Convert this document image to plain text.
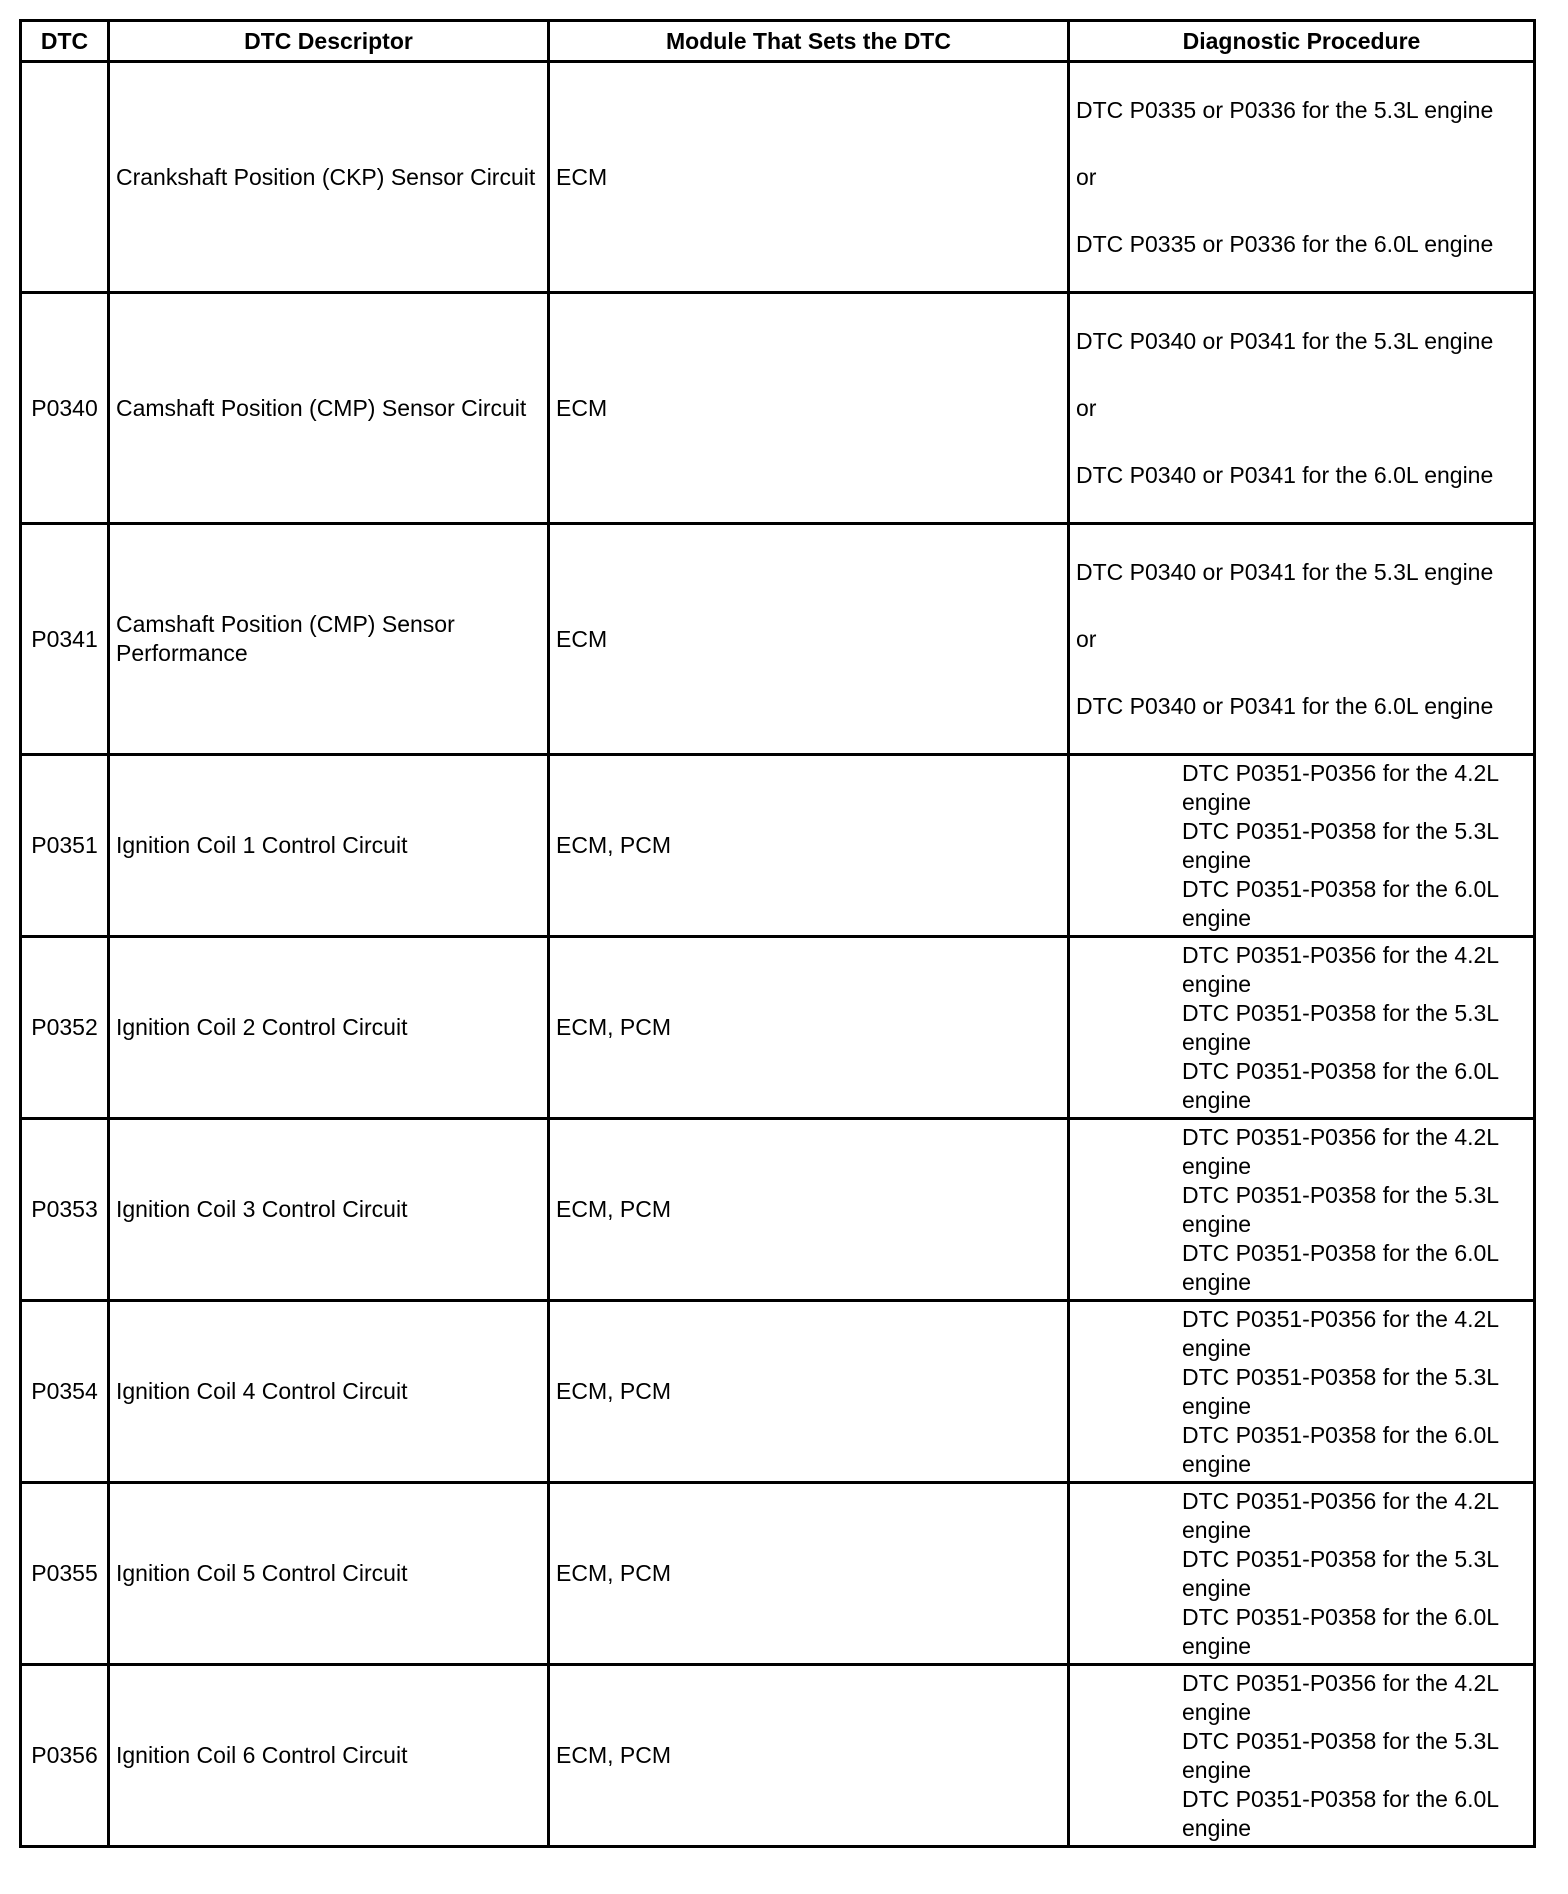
DTC	DTC Descriptor	Module That Sets the DTC	Diagnostic Procedure
	Crankshaft Position (CKP) Sensor Circuit	ECM	DTC P0335 or P0336 for the 5.3L engine
or
DTC P0335 or P0336 for the 6.0L engine

P0340	Camshaft Position (CMP) Sensor Circuit	ECM	DTC P0340 or P0341 for the 5.3L engine
or
DTC P0340 or P0341 for the 6.0L engine

P0341	Camshaft Position (CMP) Sensor Performance	ECM	DTC P0340 or P0341 for the 5.3L engine
or
DTC P0340 or P0341 for the 6.0L engine

P0351	Ignition Coil 1 Control Circuit	ECM, PCM	DTC P0351-P0356 for the 4.2L engine
DTC P0351-P0358 for the 5.3L engine
DTC P0351-P0358 for the 6.0L engine

P0352	Ignition Coil 2 Control Circuit	ECM, PCM	DTC P0351-P0356 for the 4.2L engine
DTC P0351-P0358 for the 5.3L engine
DTC P0351-P0358 for the 6.0L engine

P0353	Ignition Coil 3 Control Circuit	ECM, PCM	DTC P0351-P0356 for the 4.2L engine
DTC P0351-P0358 for the 5.3L engine
DTC P0351-P0358 for the 6.0L engine

P0354	Ignition Coil 4 Control Circuit	ECM, PCM	DTC P0351-P0356 for the 4.2L engine
DTC P0351-P0358 for the 5.3L engine
DTC P0351-P0358 for the 6.0L engine

P0355	Ignition Coil 5 Control Circuit	ECM, PCM	DTC P0351-P0356 for the 4.2L engine
DTC P0351-P0358 for the 5.3L engine
DTC P0351-P0358 for the 6.0L engine

P0356	Ignition Coil 6 Control Circuit	ECM, PCM	DTC P0351-P0356 for the 4.2L engine
DTC P0351-P0358 for the 5.3L engine
DTC P0351-P0358 for the 6.0L engine
